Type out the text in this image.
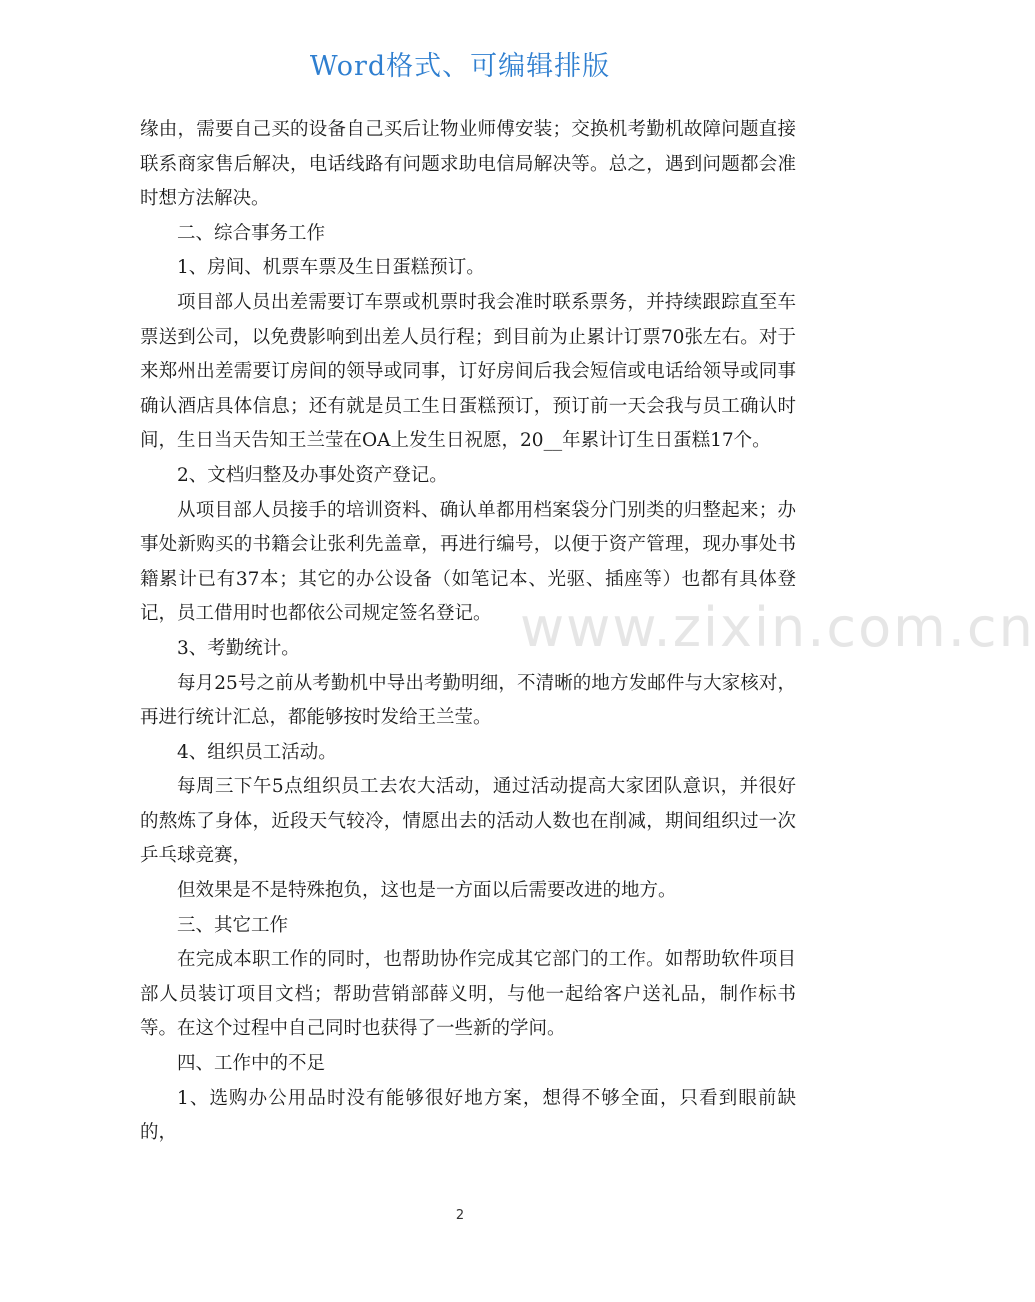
Word格式、可编辑排版
www.zixin.com.cn

缘由，需要自己买的设备自己买后让物业师傅安装；交换机考勤机故障问题直接联系商家售后解决，电话线路有问题求助电信局解决等。总之，遇到问题都会准时想方法解决。

二、综合事务工作

1、房间、机票车票及生日蛋糕预订。

项目部人员出差需要订车票或机票时我会准时联系票务，并持续跟踪直至车票送到公司，以免费影响到出差人员行程；到目前为止累计订票70张左右。对于来郑州出差需要订房间的领导或同事，订好房间后我会短信或电话给领导或同事确认酒店具体信息；还有就是员工生日蛋糕预订，预订前一天会我与员工确认时间，生日当天告知王兰莹在OA上发生日祝愿，20__年累计订生日蛋糕17个。

2、文档归整及办事处资产登记。

从项目部人员接手的培训资料、确认单都用档案袋分门别类的归整起来；办事处新购买的书籍会让张利先盖章，再进行编号，以便于资产管理，现办事处书籍累计已有37本；其它的办公设备（如笔记本、光驱、插座等）也都有具体登记，员工借用时也都依公司规定签名登记。

3、考勤统计。

每月25号之前从考勤机中导出考勤明细，不清晰的地方发邮件与大家核对，再进行统计汇总，都能够按时发给王兰莹。

4、组织员工活动。

每周三下午5点组织员工去农大活动，通过活动提高大家团队意识，并很好的熬炼了身体，近段天气较冷，情愿出去的活动人数也在削减，期间组织过一次乒乓球竞赛，

但效果是不是特殊抱负，这也是一方面以后需要改进的地方。

三、其它工作

在完成本职工作的同时，也帮助协作完成其它部门的工作。如帮助软件项目部人员装订项目文档；帮助营销部薛义明，与他一起给客户送礼品，制作标书等。在这个过程中自己同时也获得了一些新的学问。

四、工作中的不足

1、选购办公用品时没有能够很好地方案，想得不够全面，只看到眼前缺的，

2
